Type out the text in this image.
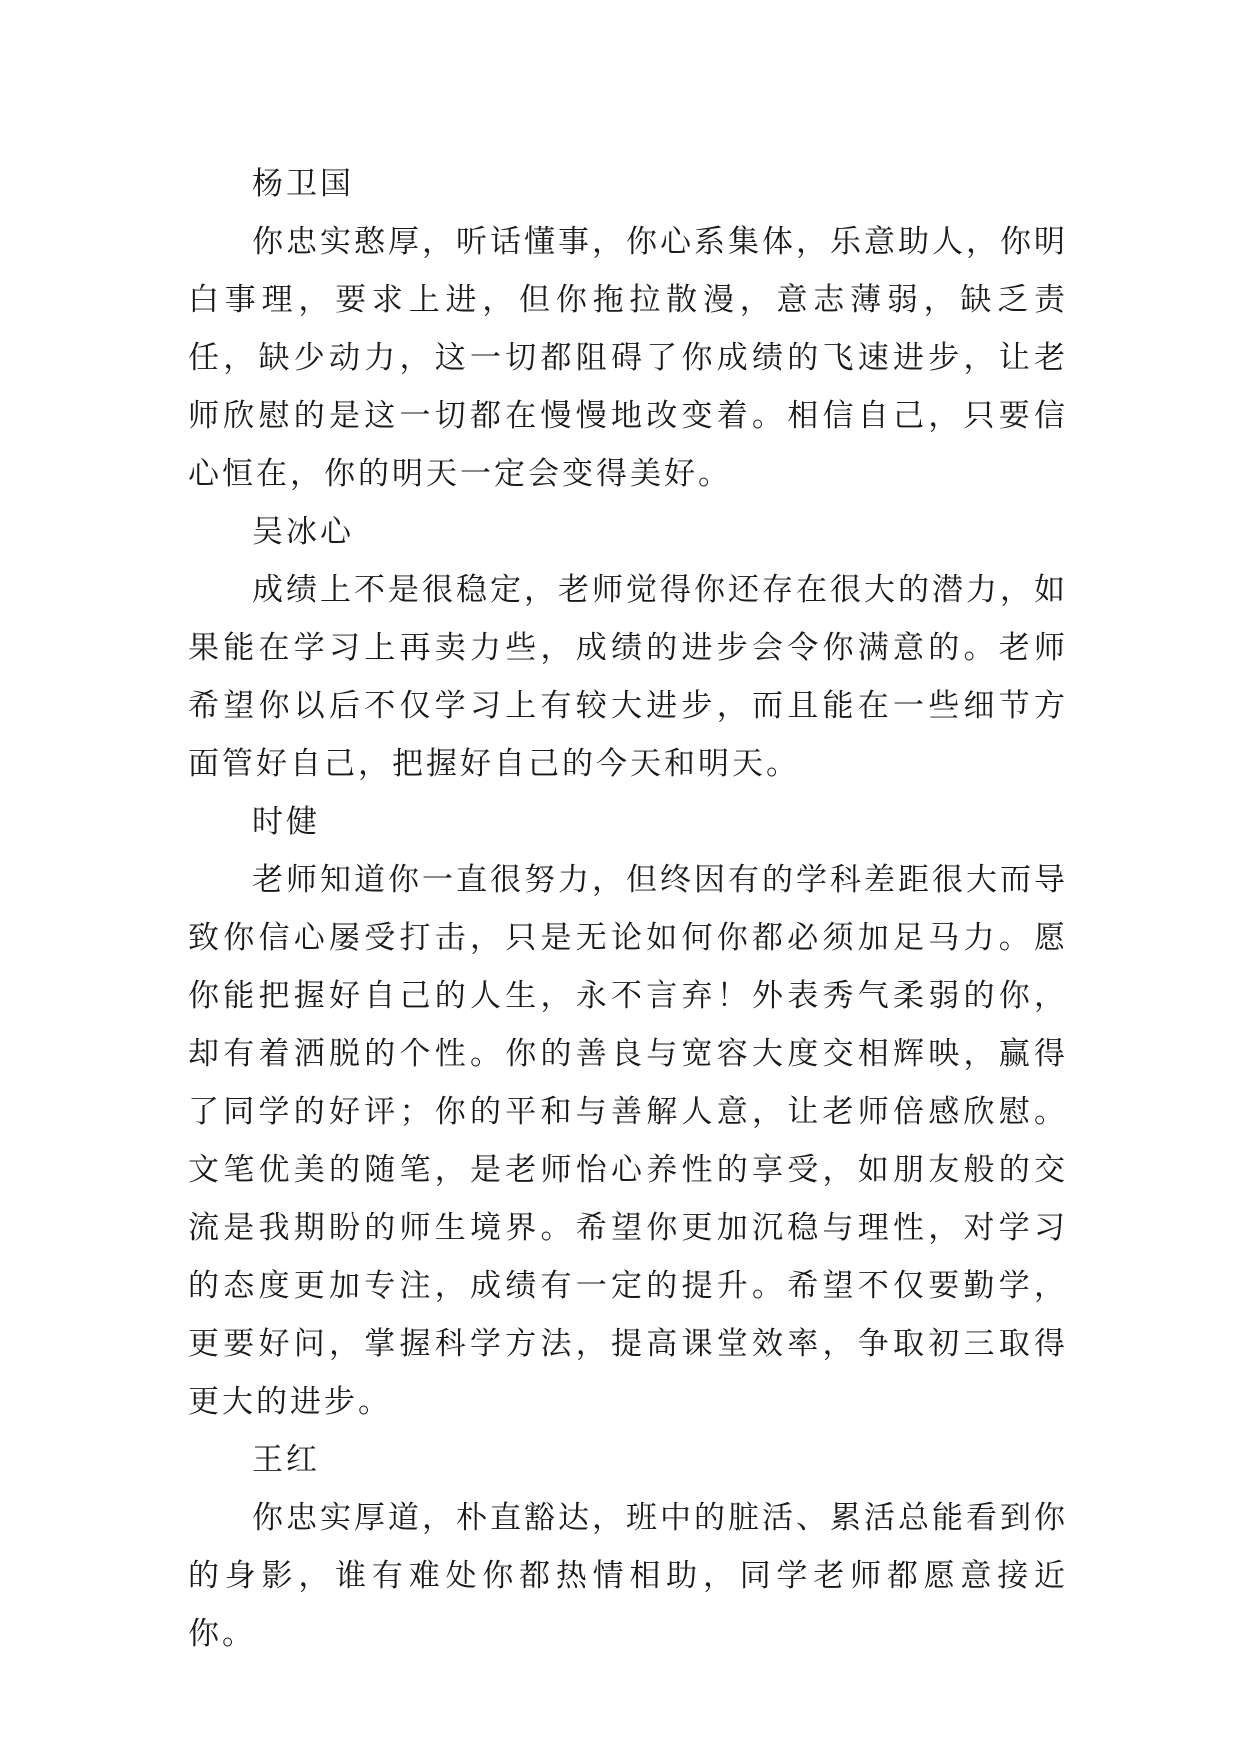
杨卫国

你忠实憨厚，听话懂事，你心系集体，乐意助人，你明白事理，要求上进，但你拖拉散漫，意志薄弱，缺乏责任，缺少动力，这一切都阻碍了你成绩的飞速进步，让老师欣慰的是这一切都在慢慢地改变着。相信自己，只要信心恒在，你的明天一定会变得美好。

吴冰心

成绩上不是很稳定，老师觉得你还存在很大的潜力，如果能在学习上再卖力些，成绩的进步会令你满意的。老师希望你以后不仅学习上有较大进步，而且能在一些细节方面管好自己，把握好自己的今天和明天。

时健

老师知道你一直很努力，但终因有的学科差距很大而导致你信心屡受打击，只是无论如何你都必须加足马力。愿你能把握好自己的人生，永不言弃！外表秀气柔弱的你，却有着洒脱的个性。你的善良与宽容大度交相辉映，赢得了同学的好评；你的平和与善解人意，让老师倍感欣慰。文笔优美的随笔，是老师怡心养性的享受，如朋友般的交流是我期盼的师生境界。希望你更加沉稳与理性，对学习的态度更加专注，成绩有一定的提升。希望不仅要勤学，更要好问，掌握科学方法，提高课堂效率，争取初三取得更大的进步。

王红

你忠实厚道，朴直豁达，班中的脏活、累活总能看到你的身影，谁有难处你都热情相助，同学老师都愿意接近你。
